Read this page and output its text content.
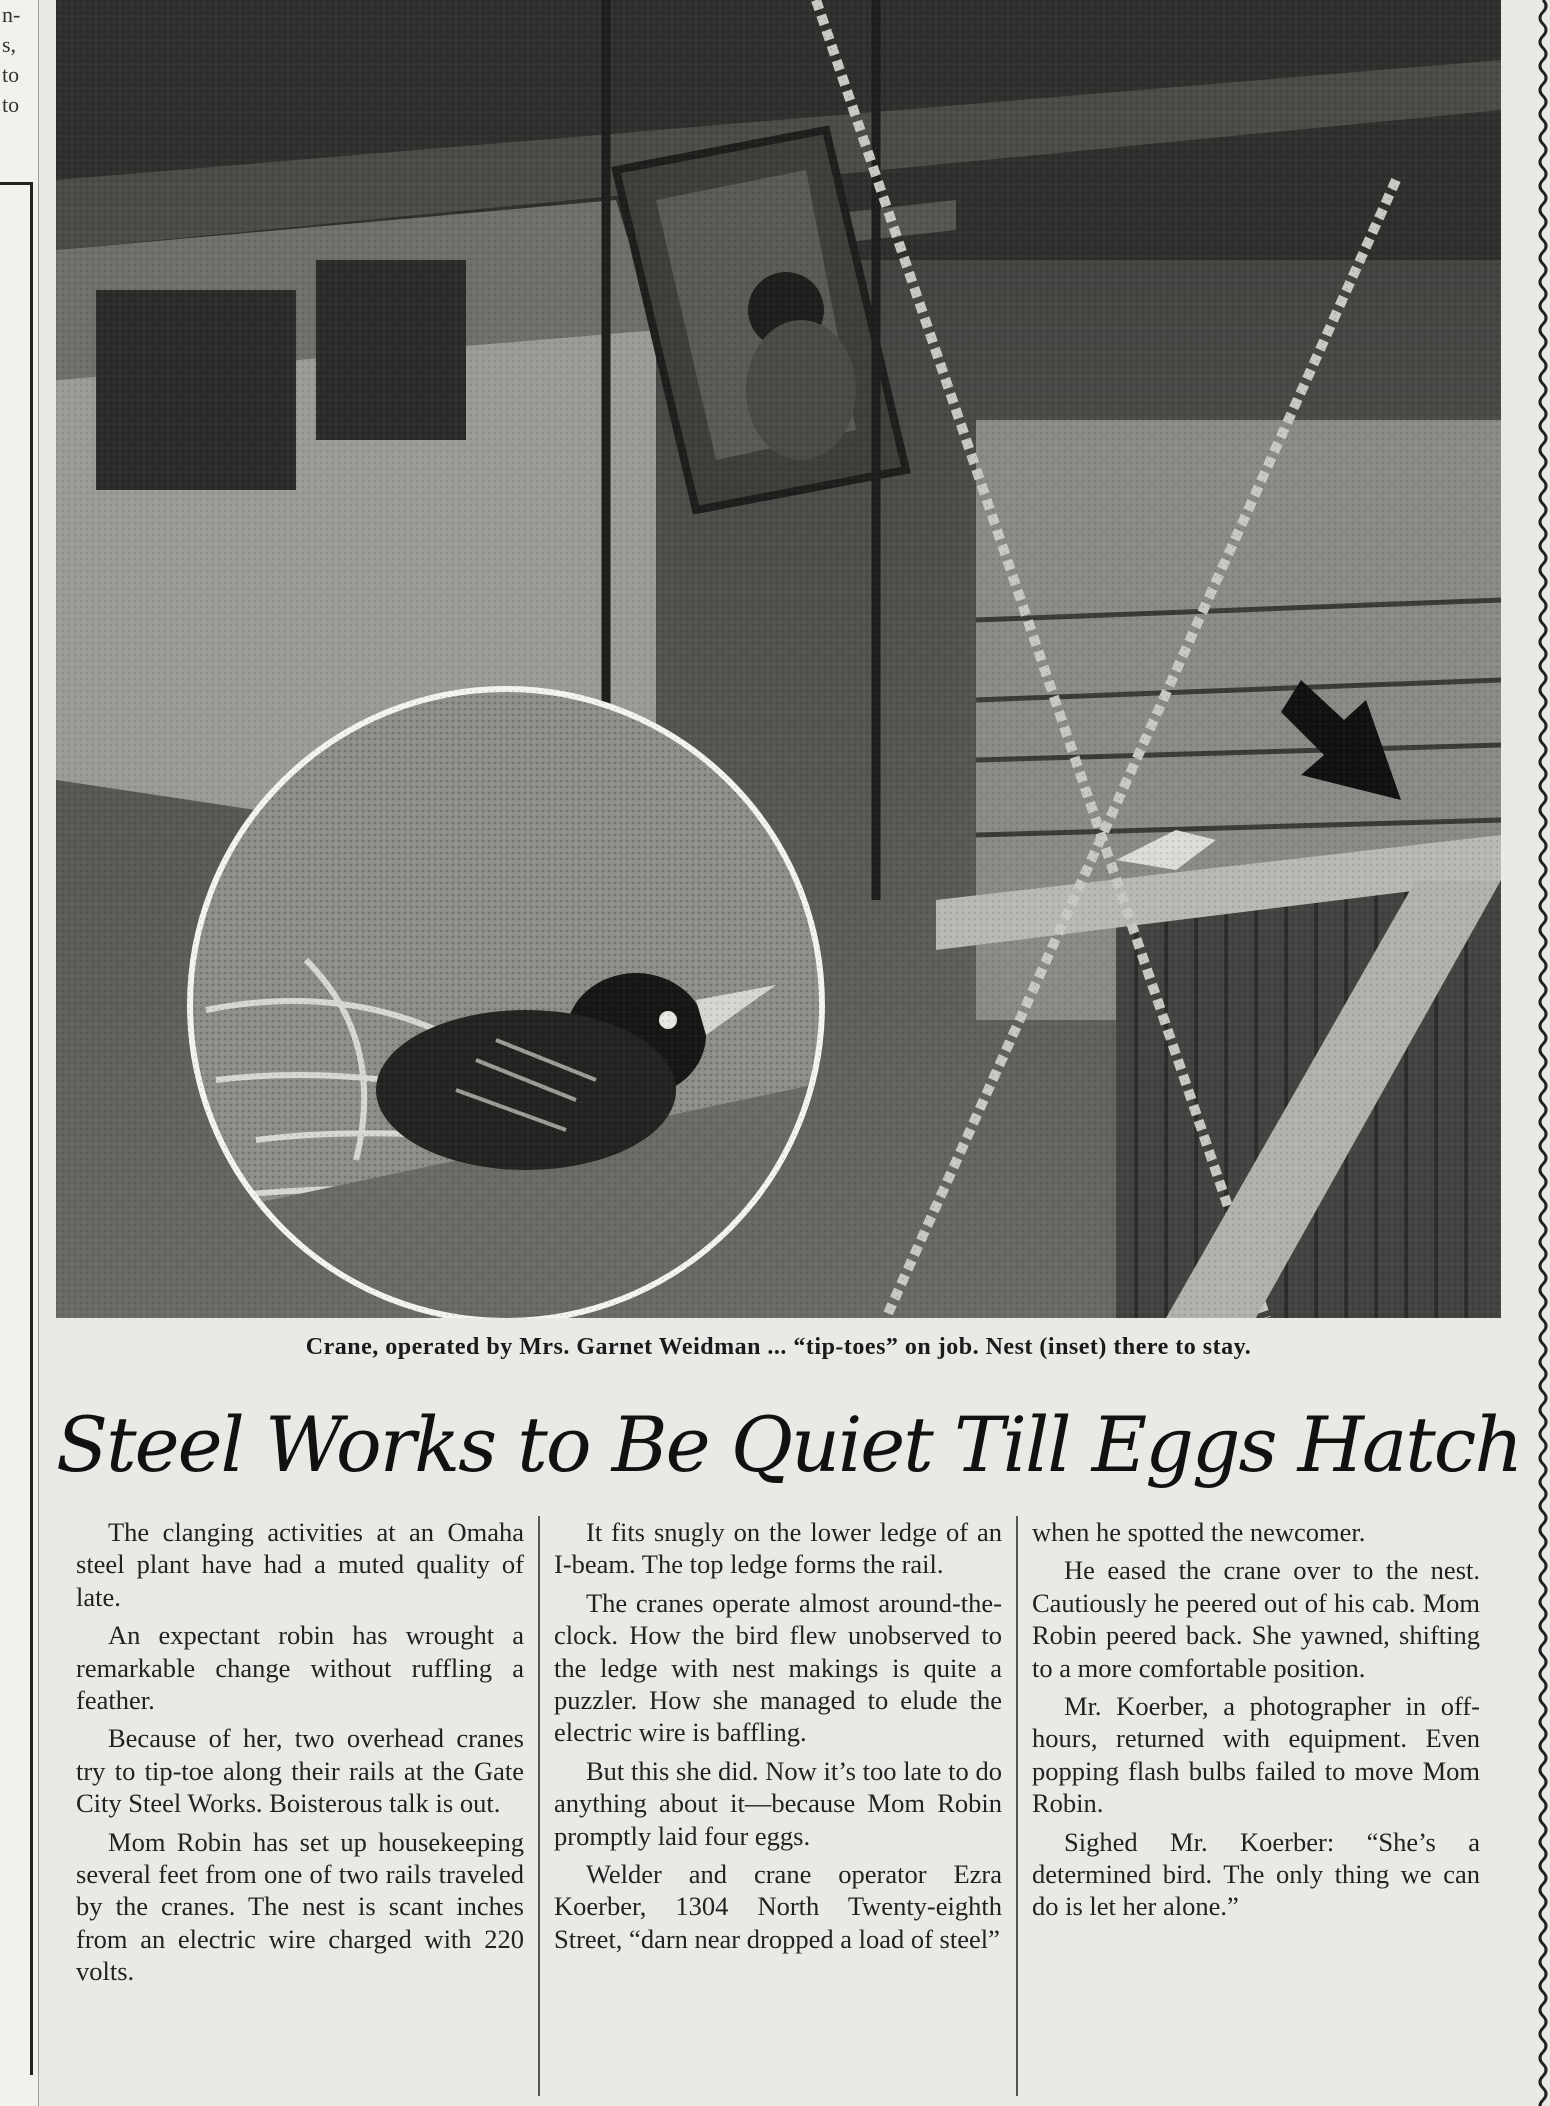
n-
s,
to
to
Crane, operated by Mrs. Garnet Weidman ... “tip-toes” on job. Nest (inset) there to stay.
Steel Works to Be Quiet Till Eggs Hatch

The clanging activities at an Omaha steel plant have had a muted quality of late.

An expectant robin has wrought a remarkable change without ruffling a feather.

Because of her, two overhead cranes try to tip-toe along their rails at the Gate City Steel Works. Boisterous talk is out.

Mom Robin has set up housekeeping several feet from one of two rails traveled by the cranes. The nest is scant inches from an electric wire charged with 220 volts.

It fits snugly on the lower ledge of an I-beam. The top ledge forms the rail.

The cranes operate almost around-the-clock. How the bird flew unobserved to the ledge with nest makings is quite a puzzler. How she managed to elude the electric wire is baffling.

But this she did. Now it’s too late to do anything about it—because Mom Robin promptly laid four eggs.

Welder and crane operator Ezra Koerber, 1304 North Twenty-eighth Street, “darn near dropped a load of steel”

when he spotted the newcomer.

He eased the crane over to the nest. Cautiously he peered out of his cab. Mom Robin peered back. She yawned, shifting to a more comfortable position.

Mr. Koerber, a photographer in off-hours, returned with equipment. Even popping flash bulbs failed to move Mom Robin.

Sighed Mr. Koerber: “She’s a determined bird. The only thing we can do is let her alone.”
